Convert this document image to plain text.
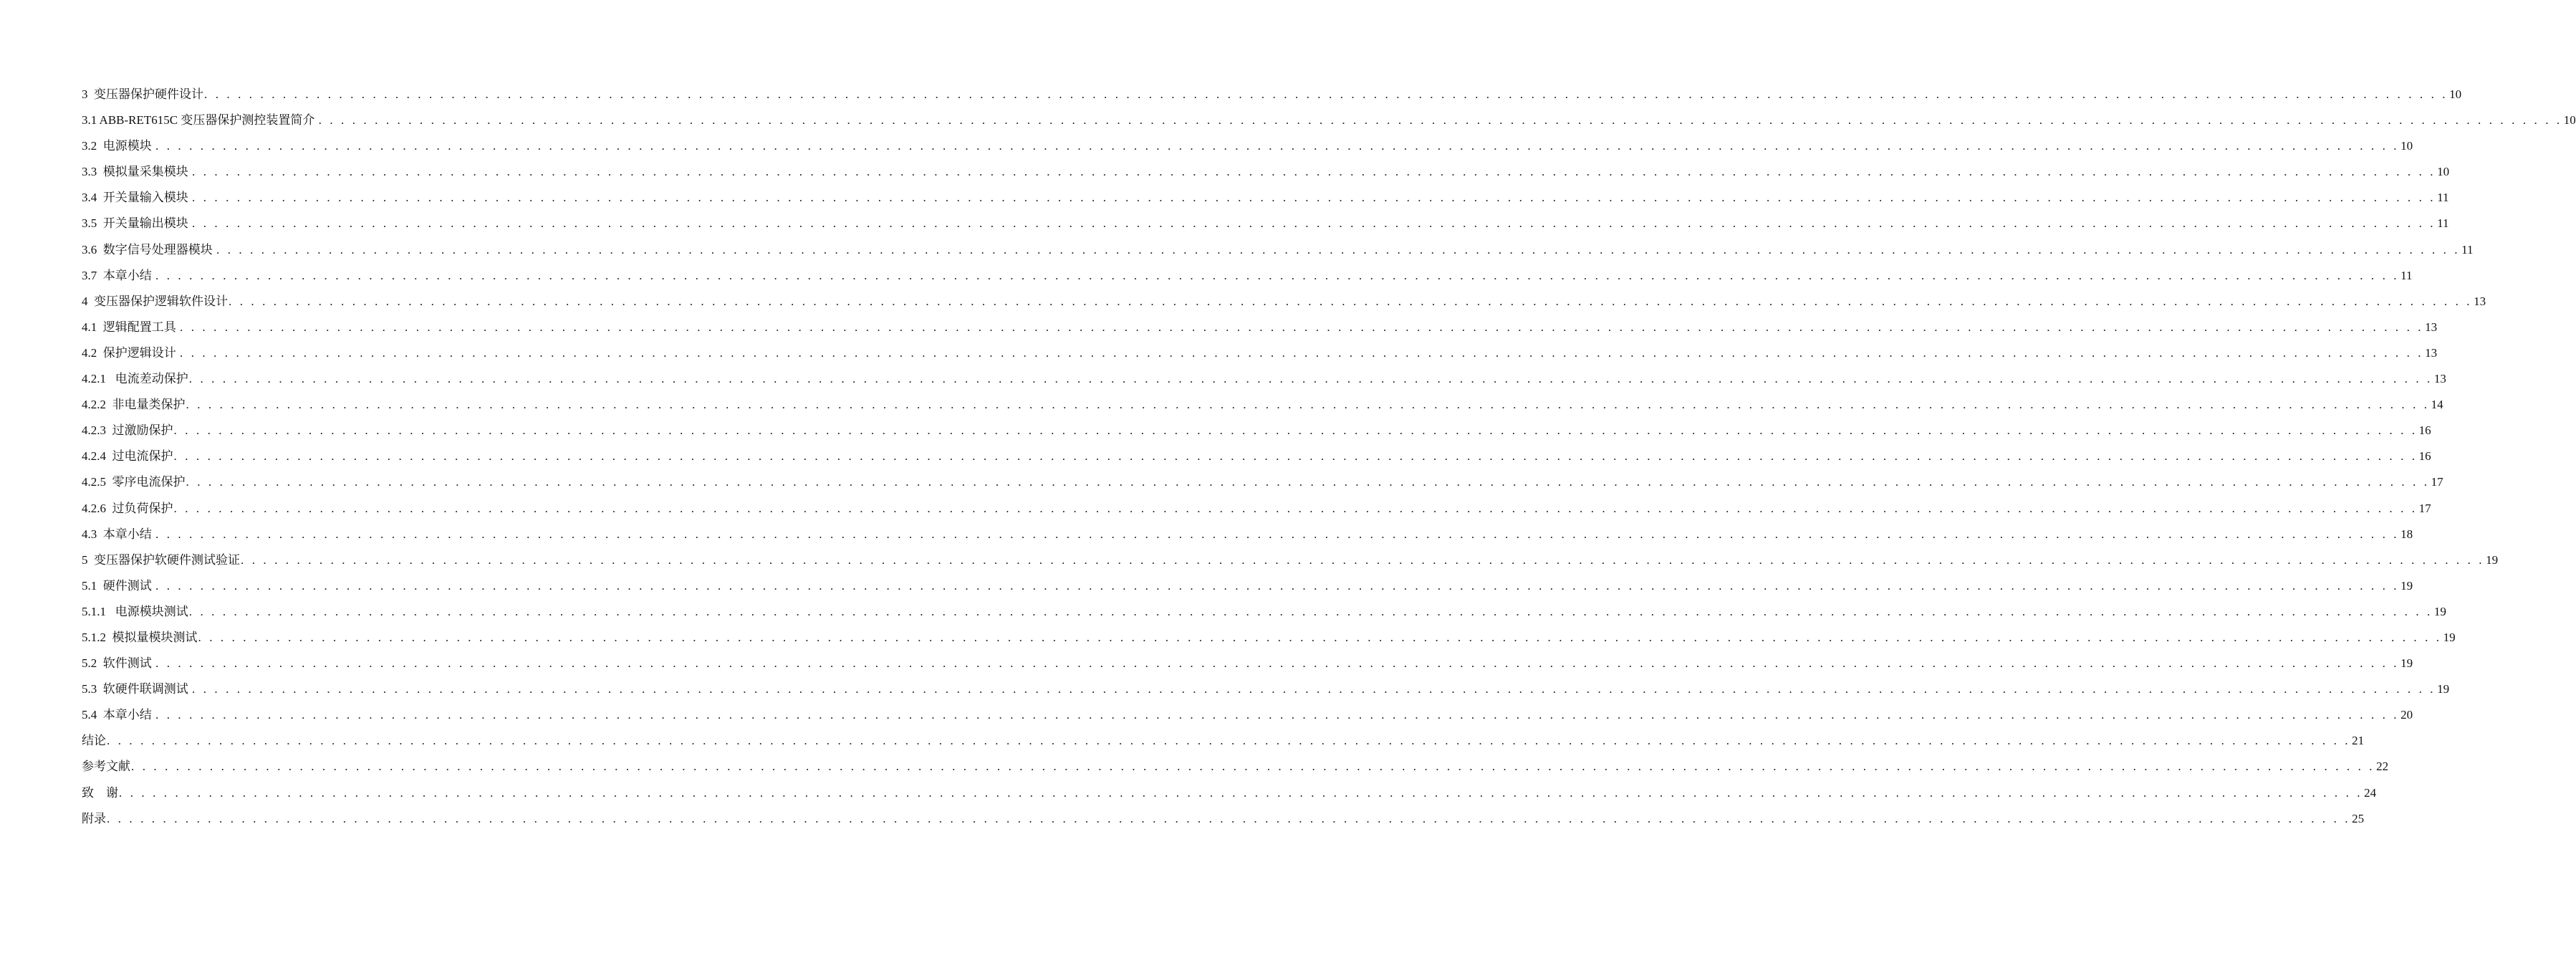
3  变压器保护硬件设计 . . . . . . . . . . . . . . . . . . . . . . . . . . . . . . . . . . . . . . . . . . . . . . . . . . . . . . . . . . . . . . . . . . . . . . . . . . . . . . . . . . . . . . . . . . . . . . . . . . . . . . . . . . . . . . . . . . . . . . . . . . . . . . . . . . . . . . . . . . . . . . . . . . . . . . . . . . . . . . . . . . . . . . . . . . . . . . . . . . . . . . . . . . . . . . . . . . . . . . . . 10
3.1 ABB-RET615C 变压器保护测控装置简介 . . . . . . . . . . . . . . . . . . . . . . . . . . . . . . . . . . . . . . . . . . . . . . . . . . . . . . . . . . . . . . . . . . . . . . . . . . . . . . . . . . . . . . . . . . . . . . . . . . . . . . . . . . . . . . . . . . . . . . . . . . . . . . . . . . . . . . . . . . . . . . . . . . . . . . . . . . . . . . . . . . . . . . . . . . . . . . . . . . . . . . . . . . . . . . . . . . . . . . . . 10
3.2  电源模块 . . . . . . . . . . . . . . . . . . . . . . . . . . . . . . . . . . . . . . . . . . . . . . . . . . . . . . . . . . . . . . . . . . . . . . . . . . . . . . . . . . . . . . . . . . . . . . . . . . . . . . . . . . . . . . . . . . . . . . . . . . . . . . . . . . . . . . . . . . . . . . . . . . . . . . . . . . . . . . . . . . . . . . . . . . . . . . . . . . . . . . . . . . . . . . . . . . . . . . . . 10
3.3  模拟量采集模块 . . . . . . . . . . . . . . . . . . . . . . . . . . . . . . . . . . . . . . . . . . . . . . . . . . . . . . . . . . . . . . . . . . . . . . . . . . . . . . . . . . . . . . . . . . . . . . . . . . . . . . . . . . . . . . . . . . . . . . . . . . . . . . . . . . . . . . . . . . . . . . . . . . . . . . . . . . . . . . . . . . . . . . . . . . . . . . . . . . . . . . . . . . . . . . . . . . . . . . . . 10
3.4  开关量输入模块 . . . . . . . . . . . . . . . . . . . . . . . . . . . . . . . . . . . . . . . . . . . . . . . . . . . . . . . . . . . . . . . . . . . . . . . . . . . . . . . . . . . . . . . . . . . . . . . . . . . . . . . . . . . . . . . . . . . . . . . . . . . . . . . . . . . . . . . . . . . . . . . . . . . . . . . . . . . . . . . . . . . . . . . . . . . . . . . . . . . . . . . . . . . . . . . . . . . . . . . . 11
3.5  开关量输出模块 . . . . . . . . . . . . . . . . . . . . . . . . . . . . . . . . . . . . . . . . . . . . . . . . . . . . . . . . . . . . . . . . . . . . . . . . . . . . . . . . . . . . . . . . . . . . . . . . . . . . . . . . . . . . . . . . . . . . . . . . . . . . . . . . . . . . . . . . . . . . . . . . . . . . . . . . . . . . . . . . . . . . . . . . . . . . . . . . . . . . . . . . . . . . . . . . . . . . . . . . 11
3.6  数字信号处理器模块 . . . . . . . . . . . . . . . . . . . . . . . . . . . . . . . . . . . . . . . . . . . . . . . . . . . . . . . . . . . . . . . . . . . . . . . . . . . . . . . . . . . . . . . . . . . . . . . . . . . . . . . . . . . . . . . . . . . . . . . . . . . . . . . . . . . . . . . . . . . . . . . . . . . . . . . . . . . . . . . . . . . . . . . . . . . . . . . . . . . . . . . . . . . . . . . . . . . . . . . . 11
3.7  本章小结 . . . . . . . . . . . . . . . . . . . . . . . . . . . . . . . . . . . . . . . . . . . . . . . . . . . . . . . . . . . . . . . . . . . . . . . . . . . . . . . . . . . . . . . . . . . . . . . . . . . . . . . . . . . . . . . . . . . . . . . . . . . . . . . . . . . . . . . . . . . . . . . . . . . . . . . . . . . . . . . . . . . . . . . . . . . . . . . . . . . . . . . . . . . . . . . . . . . . . . . . 11
4  变压器保护逻辑软件设计 . . . . . . . . . . . . . . . . . . . . . . . . . . . . . . . . . . . . . . . . . . . . . . . . . . . . . . . . . . . . . . . . . . . . . . . . . . . . . . . . . . . . . . . . . . . . . . . . . . . . . . . . . . . . . . . . . . . . . . . . . . . . . . . . . . . . . . . . . . . . . . . . . . . . . . . . . . . . . . . . . . . . . . . . . . . . . . . . . . . . . . . . . . . . . . . . . . . . . . . . 13
4.1  逻辑配置工具 . . . . . . . . . . . . . . . . . . . . . . . . . . . . . . . . . . . . . . . . . . . . . . . . . . . . . . . . . . . . . . . . . . . . . . . . . . . . . . . . . . . . . . . . . . . . . . . . . . . . . . . . . . . . . . . . . . . . . . . . . . . . . . . . . . . . . . . . . . . . . . . . . . . . . . . . . . . . . . . . . . . . . . . . . . . . . . . . . . . . . . . . . . . . . . . . . . . . . . . . 13
4.2  保护逻辑设计 . . . . . . . . . . . . . . . . . . . . . . . . . . . . . . . . . . . . . . . . . . . . . . . . . . . . . . . . . . . . . . . . . . . . . . . . . . . . . . . . . . . . . . . . . . . . . . . . . . . . . . . . . . . . . . . . . . . . . . . . . . . . . . . . . . . . . . . . . . . . . . . . . . . . . . . . . . . . . . . . . . . . . . . . . . . . . . . . . . . . . . . . . . . . . . . . . . . . . . . . 13
4.2.1   电流差动保护 . . . . . . . . . . . . . . . . . . . . . . . . . . . . . . . . . . . . . . . . . . . . . . . . . . . . . . . . . . . . . . . . . . . . . . . . . . . . . . . . . . . . . . . . . . . . . . . . . . . . . . . . . . . . . . . . . . . . . . . . . . . . . . . . . . . . . . . . . . . . . . . . . . . . . . . . . . . . . . . . . . . . . . . . . . . . . . . . . . . . . . . . . . . . . . . . . . . . . . . . 13
4.2.2  非电量类保护 . . . . . . . . . . . . . . . . . . . . . . . . . . . . . . . . . . . . . . . . . . . . . . . . . . . . . . . . . . . . . . . . . . . . . . . . . . . . . . . . . . . . . . . . . . . . . . . . . . . . . . . . . . . . . . . . . . . . . . . . . . . . . . . . . . . . . . . . . . . . . . . . . . . . . . . . . . . . . . . . . . . . . . . . . . . . . . . . . . . . . . . . . . . . . . . . . . . . . . . . 14
4.2.3  过激励保护 . . . . . . . . . . . . . . . . . . . . . . . . . . . . . . . . . . . . . . . . . . . . . . . . . . . . . . . . . . . . . . . . . . . . . . . . . . . . . . . . . . . . . . . . . . . . . . . . . . . . . . . . . . . . . . . . . . . . . . . . . . . . . . . . . . . . . . . . . . . . . . . . . . . . . . . . . . . . . . . . . . . . . . . . . . . . . . . . . . . . . . . . . . . . . . . . . . . . . . . . 16
4.2.4  过电流保护 . . . . . . . . . . . . . . . . . . . . . . . . . . . . . . . . . . . . . . . . . . . . . . . . . . . . . . . . . . . . . . . . . . . . . . . . . . . . . . . . . . . . . . . . . . . . . . . . . . . . . . . . . . . . . . . . . . . . . . . . . . . . . . . . . . . . . . . . . . . . . . . . . . . . . . . . . . . . . . . . . . . . . . . . . . . . . . . . . . . . . . . . . . . . . . . . . . . . . . . . 16
4.2.5  零序电流保护 . . . . . . . . . . . . . . . . . . . . . . . . . . . . . . . . . . . . . . . . . . . . . . . . . . . . . . . . . . . . . . . . . . . . . . . . . . . . . . . . . . . . . . . . . . . . . . . . . . . . . . . . . . . . . . . . . . . . . . . . . . . . . . . . . . . . . . . . . . . . . . . . . . . . . . . . . . . . . . . . . . . . . . . . . . . . . . . . . . . . . . . . . . . . . . . . . . . . . . . . 17
4.2.6  过负荷保护 . . . . . . . . . . . . . . . . . . . . . . . . . . . . . . . . . . . . . . . . . . . . . . . . . . . . . . . . . . . . . . . . . . . . . . . . . . . . . . . . . . . . . . . . . . . . . . . . . . . . . . . . . . . . . . . . . . . . . . . . . . . . . . . . . . . . . . . . . . . . . . . . . . . . . . . . . . . . . . . . . . . . . . . . . . . . . . . . . . . . . . . . . . . . . . . . . . . . . . . . 17
4.3  本章小结 . . . . . . . . . . . . . . . . . . . . . . . . . . . . . . . . . . . . . . . . . . . . . . . . . . . . . . . . . . . . . . . . . . . . . . . . . . . . . . . . . . . . . . . . . . . . . . . . . . . . . . . . . . . . . . . . . . . . . . . . . . . . . . . . . . . . . . . . . . . . . . . . . . . . . . . . . . . . . . . . . . . . . . . . . . . . . . . . . . . . . . . . . . . . . . . . . . . . . . . . 18
5  变压器保护软硬件测试验证 . . . . . . . . . . . . . . . . . . . . . . . . . . . . . . . . . . . . . . . . . . . . . . . . . . . . . . . . . . . . . . . . . . . . . . . . . . . . . . . . . . . . . . . . . . . . . . . . . . . . . . . . . . . . . . . . . . . . . . . . . . . . . . . . . . . . . . . . . . . . . . . . . . . . . . . . . . . . . . . . . . . . . . . . . . . . . . . . . . . . . . . . . . . . . . . . . . . . . . . . 19
5.1  硬件测试 . . . . . . . . . . . . . . . . . . . . . . . . . . . . . . . . . . . . . . . . . . . . . . . . . . . . . . . . . . . . . . . . . . . . . . . . . . . . . . . . . . . . . . . . . . . . . . . . . . . . . . . . . . . . . . . . . . . . . . . . . . . . . . . . . . . . . . . . . . . . . . . . . . . . . . . . . . . . . . . . . . . . . . . . . . . . . . . . . . . . . . . . . . . . . . . . . . . . . . . . 19
5.1.1   电源模块测试 . . . . . . . . . . . . . . . . . . . . . . . . . . . . . . . . . . . . . . . . . . . . . . . . . . . . . . . . . . . . . . . . . . . . . . . . . . . . . . . . . . . . . . . . . . . . . . . . . . . . . . . . . . . . . . . . . . . . . . . . . . . . . . . . . . . . . . . . . . . . . . . . . . . . . . . . . . . . . . . . . . . . . . . . . . . . . . . . . . . . . . . . . . . . . . . . . . . . . . . . 19
5.1.2  模拟量模块测试 . . . . . . . . . . . . . . . . . . . . . . . . . . . . . . . . . . . . . . . . . . . . . . . . . . . . . . . . . . . . . . . . . . . . . . . . . . . . . . . . . . . . . . . . . . . . . . . . . . . . . . . . . . . . . . . . . . . . . . . . . . . . . . . . . . . . . . . . . . . . . . . . . . . . . . . . . . . . . . . . . . . . . . . . . . . . . . . . . . . . . . . . . . . . . . . . . . . . . . . . 19
5.2  软件测试 . . . . . . . . . . . . . . . . . . . . . . . . . . . . . . . . . . . . . . . . . . . . . . . . . . . . . . . . . . . . . . . . . . . . . . . . . . . . . . . . . . . . . . . . . . . . . . . . . . . . . . . . . . . . . . . . . . . . . . . . . . . . . . . . . . . . . . . . . . . . . . . . . . . . . . . . . . . . . . . . . . . . . . . . . . . . . . . . . . . . . . . . . . . . . . . . . . . . . . . . 19
5.3  软硬件联调测试 . . . . . . . . . . . . . . . . . . . . . . . . . . . . . . . . . . . . . . . . . . . . . . . . . . . . . . . . . . . . . . . . . . . . . . . . . . . . . . . . . . . . . . . . . . . . . . . . . . . . . . . . . . . . . . . . . . . . . . . . . . . . . . . . . . . . . . . . . . . . . . . . . . . . . . . . . . . . . . . . . . . . . . . . . . . . . . . . . . . . . . . . . . . . . . . . . . . . . . . . 19
5.4  本章小结 . . . . . . . . . . . . . . . . . . . . . . . . . . . . . . . . . . . . . . . . . . . . . . . . . . . . . . . . . . . . . . . . . . . . . . . . . . . . . . . . . . . . . . . . . . . . . . . . . . . . . . . . . . . . . . . . . . . . . . . . . . . . . . . . . . . . . . . . . . . . . . . . . . . . . . . . . . . . . . . . . . . . . . . . . . . . . . . . . . . . . . . . . . . . . . . . . . . . . . . . 20
结论 . . . . . . . . . . . . . . . . . . . . . . . . . . . . . . . . . . . . . . . . . . . . . . . . . . . . . . . . . . . . . . . . . . . . . . . . . . . . . . . . . . . . . . . . . . . . . . . . . . . . . . . . . . . . . . . . . . . . . . . . . . . . . . . . . . . . . . . . . . . . . . . . . . . . . . . . . . . . . . . . . . . . . . . . . . . . . . . . . . . . . . . . . . . . . . . . . . . . . . . . 21
参考文献 . . . . . . . . . . . . . . . . . . . . . . . . . . . . . . . . . . . . . . . . . . . . . . . . . . . . . . . . . . . . . . . . . . . . . . . . . . . . . . . . . . . . . . . . . . . . . . . . . . . . . . . . . . . . . . . . . . . . . . . . . . . . . . . . . . . . . . . . . . . . . . . . . . . . . . . . . . . . . . . . . . . . . . . . . . . . . . . . . . . . . . . . . . . . . . . . . . . . . . . . 22
致    谢 . . . . . . . . . . . . . . . . . . . . . . . . . . . . . . . . . . . . . . . . . . . . . . . . . . . . . . . . . . . . . . . . . . . . . . . . . . . . . . . . . . . . . . . . . . . . . . . . . . . . . . . . . . . . . . . . . . . . . . . . . . . . . . . . . . . . . . . . . . . . . . . . . . . . . . . . . . . . . . . . . . . . . . . . . . . . . . . . . . . . . . . . . . . . . . . . . . . . . . . . 24
附录 . . . . . . . . . . . . . . . . . . . . . . . . . . . . . . . . . . . . . . . . . . . . . . . . . . . . . . . . . . . . . . . . . . . . . . . . . . . . . . . . . . . . . . . . . . . . . . . . . . . . . . . . . . . . . . . . . . . . . . . . . . . . . . . . . . . . . . . . . . . . . . . . . . . . . . . . . . . . . . . . . . . . . . . . . . . . . . . . . . . . . . . . . . . . . . . . . . . . . . . . 25
